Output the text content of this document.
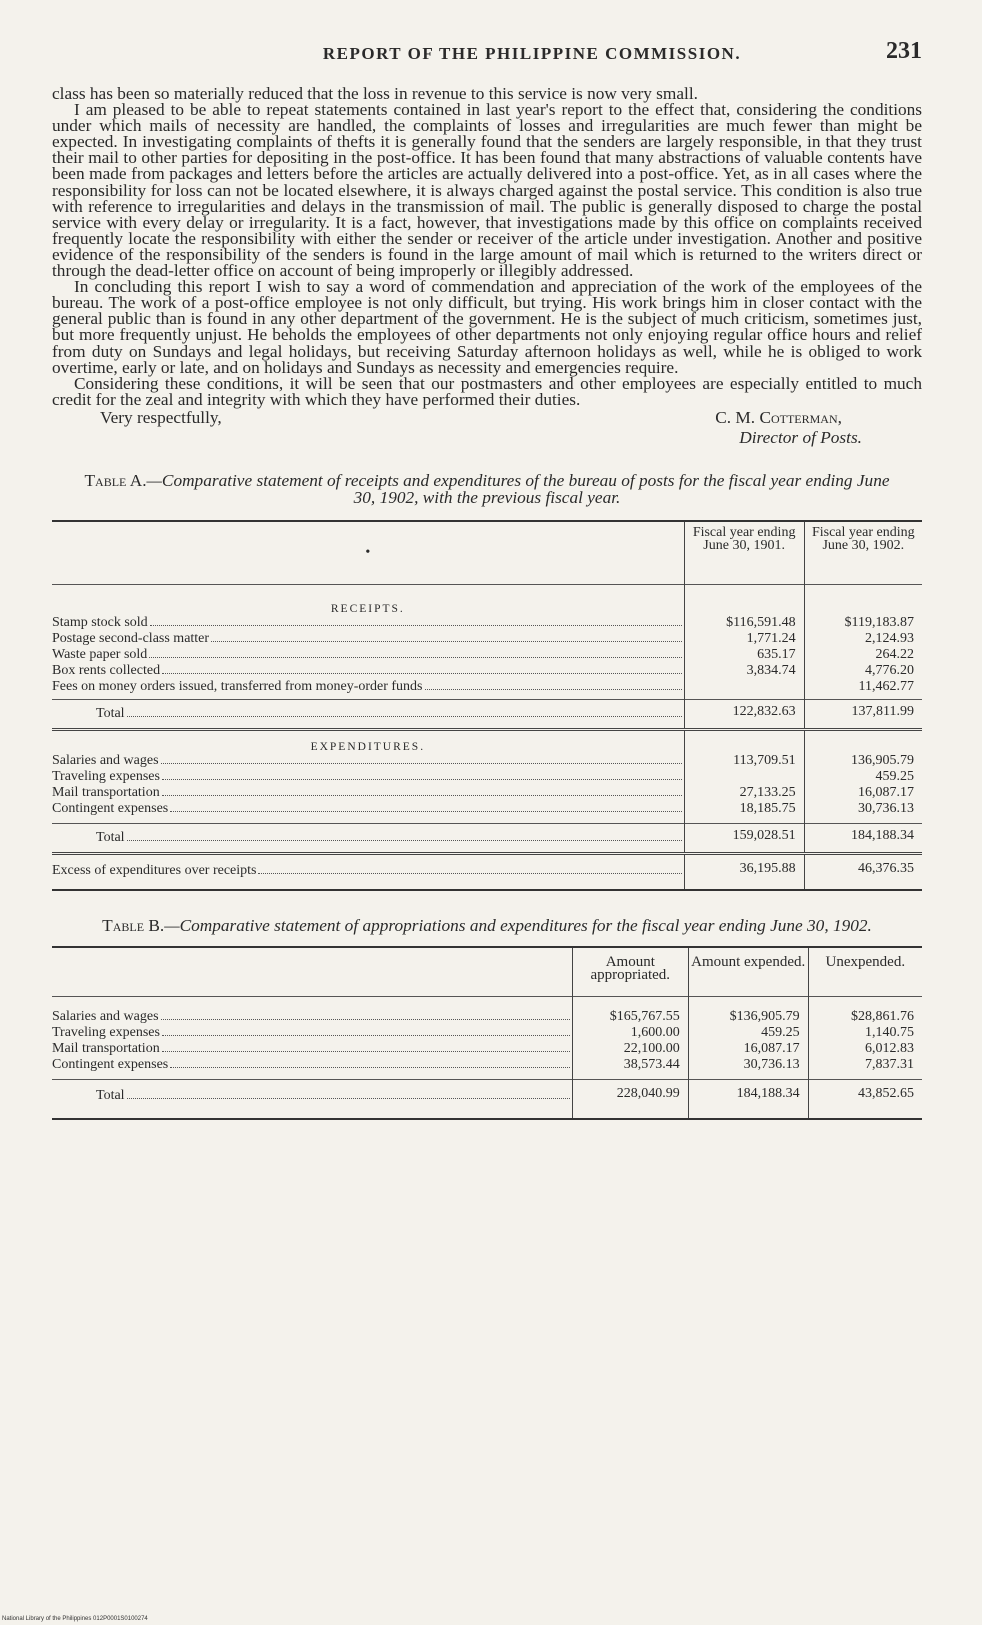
REPORT OF THE PHILIPPINE COMMISSION.	231

class has been so materially reduced that the loss in revenue to this service is now very small.

I am pleased to be able to repeat statements contained in last year's report to the effect that, considering the conditions under which mails of necessity are handled, the complaints of losses and irregularities are much fewer than might be expected. In investigating complaints of thefts it is generally found that the senders are largely responsible, in that they trust their mail to other parties for depositing in the post-office. It has been found that many abstractions of valuable contents have been made from packages and letters before the articles are actually delivered into a post-office. Yet, as in all cases where the responsibility for loss can not be located elsewhere, it is always charged against the postal service. This condition is also true with reference to irregularities and delays in the transmission of mail. The public is generally disposed to charge the postal service with every delay or irregularity. It is a fact, however, that investigations made by this office on complaints received frequently locate the responsibility with either the sender or receiver of the article under investigation. Another and positive evidence of the responsibility of the senders is found in the large amount of mail which is returned to the writers direct or through the dead-letter office on account of being improperly or illegibly addressed.

In concluding this report I wish to say a word of commendation and appreciation of the work of the employees of the bureau. The work of a post-office employee is not only difficult, but trying. His work brings him in closer contact with the general public than is found in any other department of the government. He is the subject of much criticism, sometimes just, but more frequently unjust. He beholds the employees of other departments not only enjoying regular office hours and relief from duty on Sundays and legal holidays, but receiving Saturday afternoon holidays as well, while he is obliged to work overtime, early or late, and on holidays and Sundays as necessity and emergencies require.

Considering these conditions, it will be seen that our postmasters and other employees are especially entitled to much credit for the zeal and integrity with which they have performed their duties.

Very respectfully,	C. M. Cotterman,
Director of Posts.

Table A.—Comparative statement of receipts and expenditures of the bureau of posts for the fiscal year ending June 30, 1902, with the previous fiscal year.

•	Fiscal year ending June 30, 1901.	Fiscal year ending June 30, 1902.

RECEIPTS.		

Stamp stock sold	$116,591.48	$119,183.87

Postage second-class matter	1,771.24	2,124.93

Waste paper sold	635.17	264.22

Box rents collected	3,834.74	4,776.20

Fees on money orders issued, transferred from money-order funds		11,462.77

Total	122,832.63	137,811.99

EXPENDITURES.		

Salaries and wages	113,709.51	136,905.79

Traveling expenses		459.25

Mail transportation	27,133.25	16,087.17

Contingent expenses	18,185.75	30,736.13

Total	159,028.51	184,188.34

Excess of expenditures over receipts	36,195.88	46,376.35

Table B.—Comparative statement of appropriations and expenditures for the fiscal year ending June 30, 1902.

	Amount appropriated.	Amount expended.	Unexpended.

Salaries and wages	$165,767.55	$136,905.79	$28,861.76

Traveling expenses	1,600.00	459.25	1,140.75

Mail transportation	22,100.00	16,087.17	6,012.83

Contingent expenses	38,573.44	30,736.13	7,837.31

Total	228,040.99	184,188.34	43,852.65
National Library of the Philippines 012P0001S0100274
